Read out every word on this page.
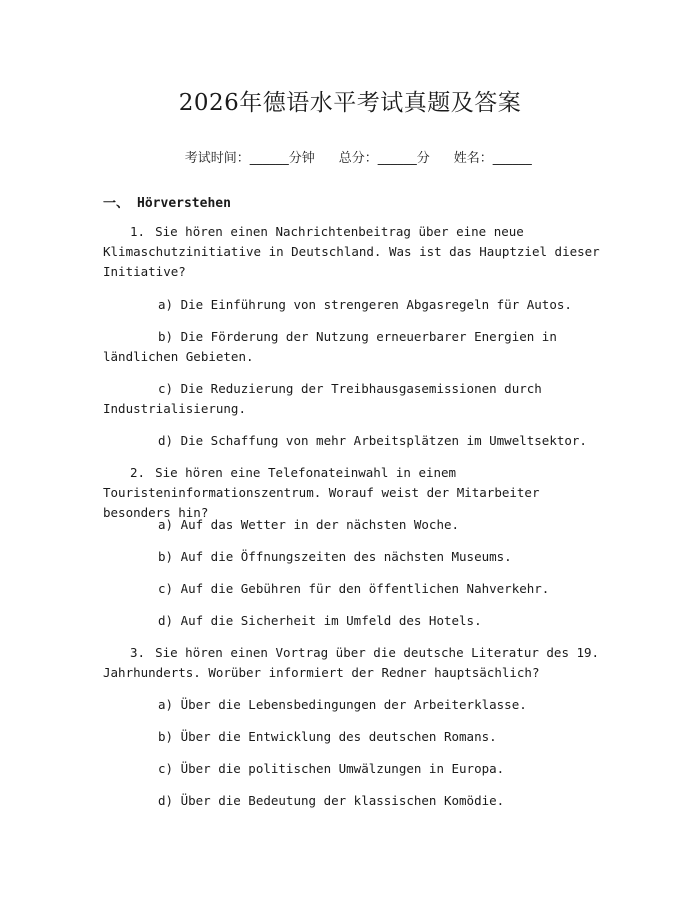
2026年德语水平考试真题及答案

考试时间：______分钟 总分：______分 姓名：______

一、 Hörverstehen
1. Sie hören einen Nachrichtenbeitrag über eine neue Klimaschutzinitiative in Deutschland. Was ist das Hauptziel dieser Initiative?
a) Die Einführung von strengeren Abgasregeln für Autos.
b) Die Förderung der Nutzung erneuerbarer Energien in ländlichen Gebieten.
c) Die Reduzierung der Treibhausgasemissionen durch Industrialisierung.
d) Die Schaffung von mehr Arbeitsplätzen im Umweltsektor.
2. Sie hören eine Telefonateinwahl in einem Touristeninformationszentrum. Worauf weist der Mitarbeiter besonders hin?
a) Auf das Wetter in der nächsten Woche.
b) Auf die Öffnungszeiten des nächsten Museums.
c) Auf die Gebühren für den öffentlichen Nahverkehr.
d) Auf die Sicherheit im Umfeld des Hotels.
3. Sie hören einen Vortrag über die deutsche Literatur des 19. Jahrhunderts. Worüber informiert der Redner hauptsächlich?
a) Über die Lebensbedingungen der Arbeiterklasse.
b) Über die Entwicklung des deutschen Romans.
c) Über die politischen Umwälzungen in Europa.
d) Über die Bedeutung der klassischen Komödie.
